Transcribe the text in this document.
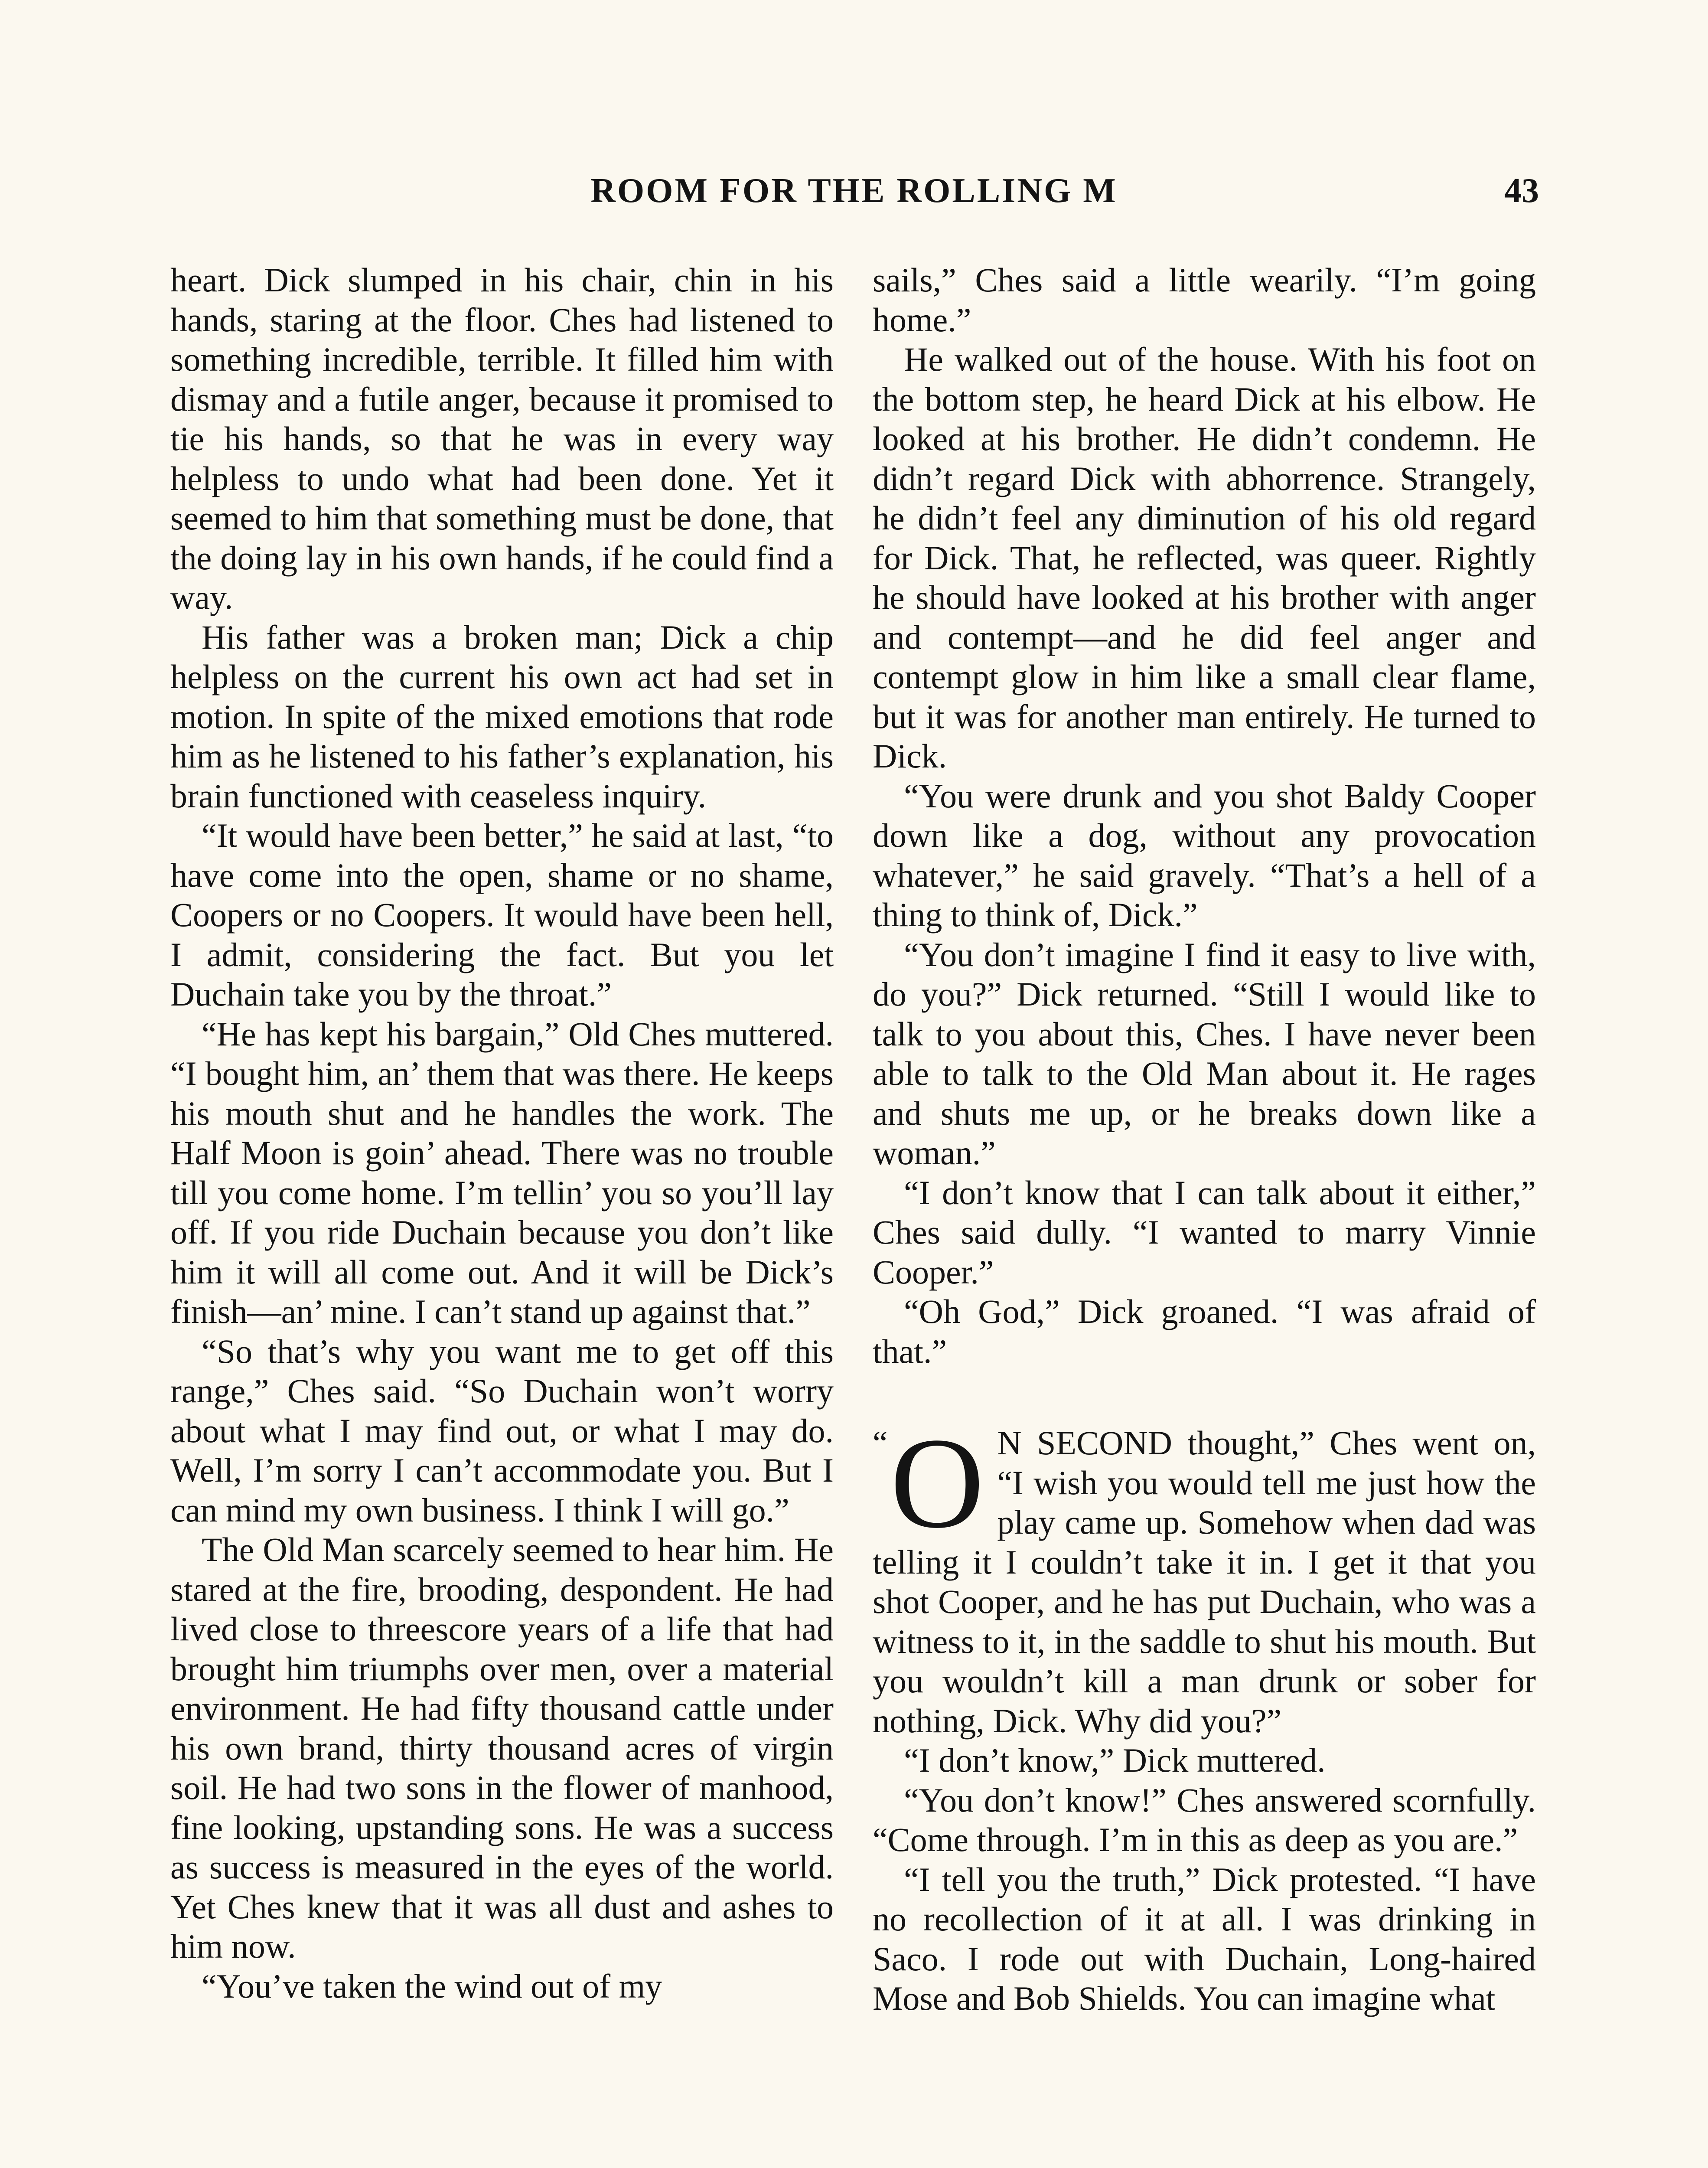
ROOM FOR THE ROLLING M	43

heart. Dick slumped in his chair, chin in his hands, staring at the floor. Ches had listened to something incredible, terrible. It filled him with dismay and a futile anger, because it promised to tie his hands, so that he was in every way helpless to undo what had been done. Yet it seemed to him that something must be done, that the doing lay in his own hands, if he could find a way.

His father was a broken man; Dick a chip helpless on the current his own act had set in motion. In spite of the mixed emotions that rode him as he listened to his father’s explanation, his brain functioned with ceaseless inquiry.

“It would have been better,” he said at last, “to have come into the open, shame or no shame, Coopers or no Coopers. It would have been hell, I admit, considering the fact. But you let Duchain take you by the throat.”

“He has kept his bargain,” Old Ches muttered. “I bought him, an’ them that was there. He keeps his mouth shut and he handles the work. The Half Moon is goin’ ahead. There was no trouble till you come home. I’m tellin’ you so you’ll lay off. If you ride Duchain because you don’t like him it will all come out. And it will be Dick’s finish—an’ mine. I can’t stand up against that.”

“So that’s why you want me to get off this range,” Ches said. “So Duchain won’t worry about what I may find out, or what I may do. Well, I’m sorry I can’t accommodate you. But I can mind my own business. I think I will go.”

The Old Man scarcely seemed to hear him. He stared at the fire, brooding, despondent. He had lived close to threescore years of a life that had brought him triumphs over men, over a material environment. He had fifty thousand cattle under his own brand, thirty thousand acres of virgin soil. He had two sons in the flower of manhood, fine looking, upstanding sons. He was a success as success is measured in the eyes of the world. Yet Ches knew that it was all dust and ashes to him now.

“You’ve taken the wind out of my

sails,” Ches said a little wearily. “I’m going home.”

He walked out of the house. With his foot on the bottom step, he heard Dick at his elbow. He looked at his brother. He didn’t condemn. He didn’t regard Dick with abhorrence. Strangely, he didn’t feel any diminution of his old regard for Dick. That, he reflected, was queer. Rightly he should have looked at his brother with anger and contempt—and he did feel anger and contempt glow in him like a small clear flame, but it was for another man entirely. He turned to Dick.

“You were drunk and you shot Baldy Cooper down like a dog, without any provocation whatever,” he said gravely. “That’s a hell of a thing to think of, Dick.”

“You don’t imagine I find it easy to live with, do you?” Dick returned. “Still I would like to talk to you about this, Ches. I have never been able to talk to the Old Man about it. He rages and shuts me up, or he breaks down like a woman.”

“I don’t know that I can talk about it either,” Ches said dully. “I wanted to marry Vinnie Cooper.”

“Oh God,” Dick groaned. “I was afraid of that.”

“ O N SECOND thought,” Ches went on, “I wish you would tell me just how the play came up. Somehow when dad was telling it I couldn’t take it in. I get it that you shot Cooper, and he has put Duchain, who was a witness to it, in the saddle to shut his mouth. But you wouldn’t kill a man drunk or sober for nothing, Dick. Why did you?”

“I don’t know,” Dick muttered.

“You don’t know!” Ches answered scornfully. “Come through. I’m in this as deep as you are.”

“I tell you the truth,” Dick protested. “I have no recollection of it at all. I was drinking in Saco. I rode out with Duchain, Long-haired Mose and Bob Shields. You can imagine what
